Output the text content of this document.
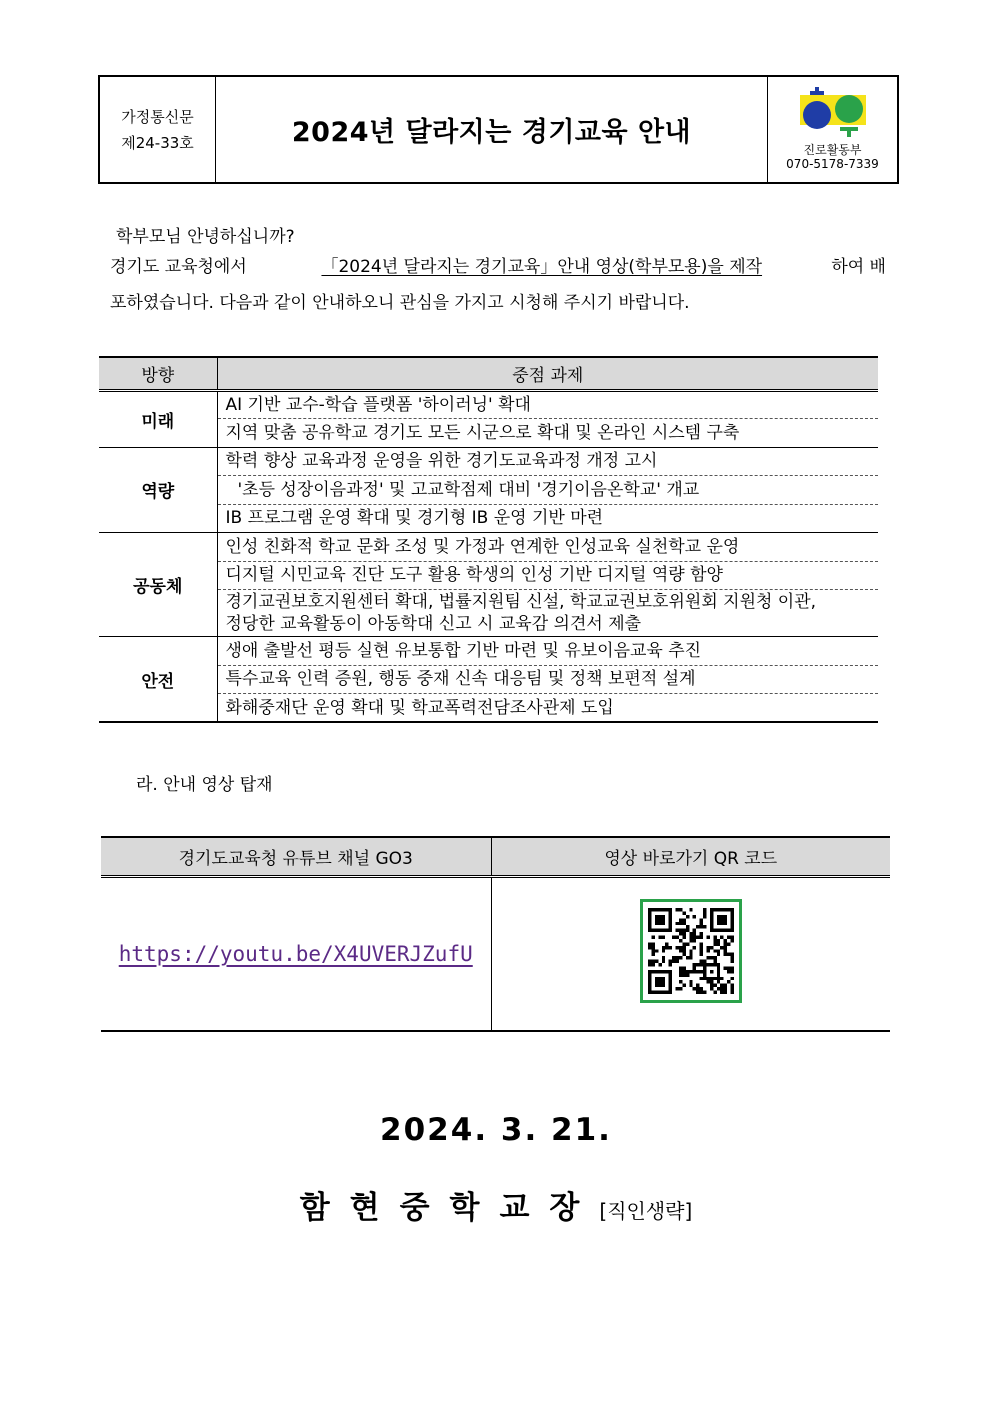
가정통신문
제24-33호	2024년 달라지는 경기교육 안내
진로활동부
070-5178-7339
학부모님 안녕하십니까?
경기도 교육청에서	「2024년 달라지는 경기교육」안내 영상(학부모용)을 제작	하여 배
포하였습니다. 다음과 같이 안내하오니 관심을 가지고 시청해 주시기 바랍니다.
방향	중점 과제
미래	AI 기반 교수-학습 플랫폼 '하이러닝' 확대
	지역 맞춤 공유학교 경기도 모든 시군으로 확대 및 온라인 시스템 구축
역량	학력 향상 교육과정 운영을 위한 경기도교육과정 개정 고시
	'초등 성장이음과정' 및 고교학점제 대비 '경기이음온학교' 개교
	IB 프로그램 운영 확대 및 경기형 IB 운영 기반 마련
공동체	인성 친화적 학교 문화 조성 및 가정과 연계한 인성교육 실천학교 운영
	디지털 시민교육 진단 도구 활용 학생의 인성 기반 디지털 역량 함양

	경기교권보호지원센터 확대, 법률지원팀 신설, 학교교권보호위원회 지원청 이관,
정당한 교육활동이 아동학대 신고 시 교육감 의견서 제출

안전	생애 출발선 평등 실현 유보통합 기반 마련 및 유보이음교육 추진
	특수교육 인력 증원, 행동 중재 신속 대응팀 및 정책 보편적 설계
	화해중재단 운영 확대 및 학교폭력전담조사관제 도입
라. 안내 영상 탑재
경기도교육청 유튜브 채널 GO3	영상 바로가기 QR 코드
https://youtu.be/X4UVERJZufU	
2024. 3. 21.
함현중학교장[직인생략]
